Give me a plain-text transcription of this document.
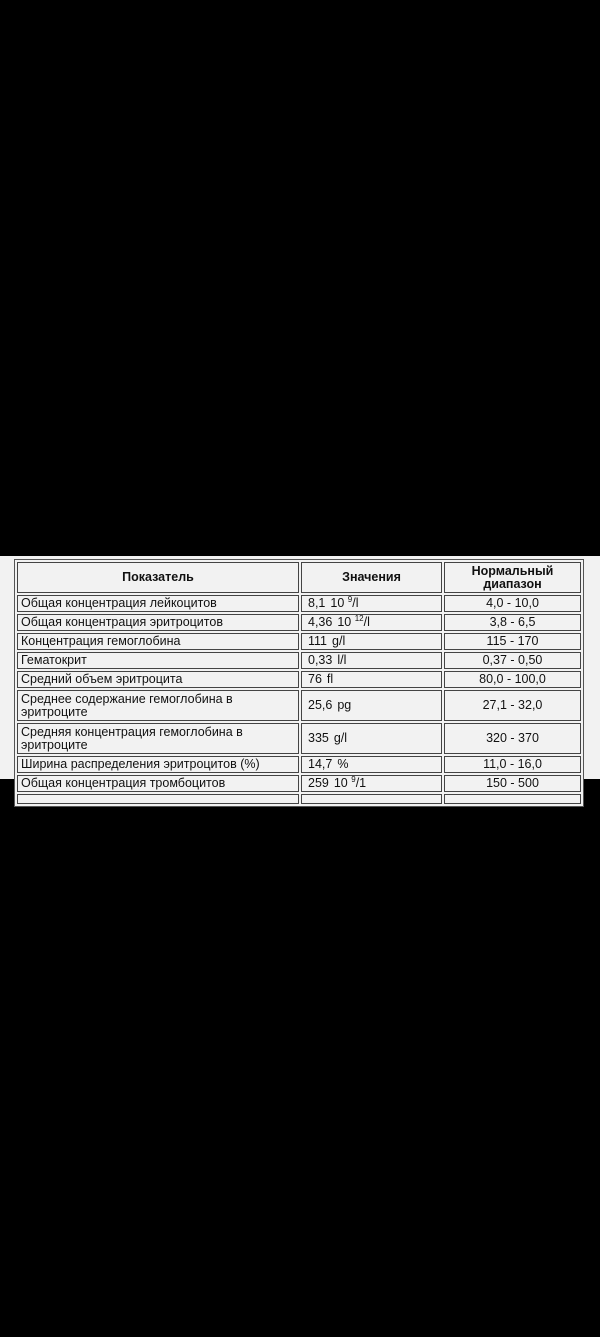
Показатель	Значения	Нормальный
диапазон
Общая концентрация лейкоцитов	8,1 10 $^9$/l	4,0 - 10,0
Общая концентрация эритроцитов	4,36 10 $^{12}$/l	3,8 - 6,5
Концентрация гемоглобина	111 g/l	115 - 170
Гематокрит	0,33 l/l	0,37 - 0,50
Средний объем эритроцита	76 fl	80,0 - 100,0
Среднее содержание гемоглобина в
эритроците	25,6 pg	27,1 - 32,0
Средняя концентрация гемоглобина в
эритроците	335 g/l	320 - 370
Ширина распределения эритроцитов (%)	14,7 %	11,0 - 16,0
Общая концентрация тромбоцитов	259 10 $^9$/1	150 - 500
